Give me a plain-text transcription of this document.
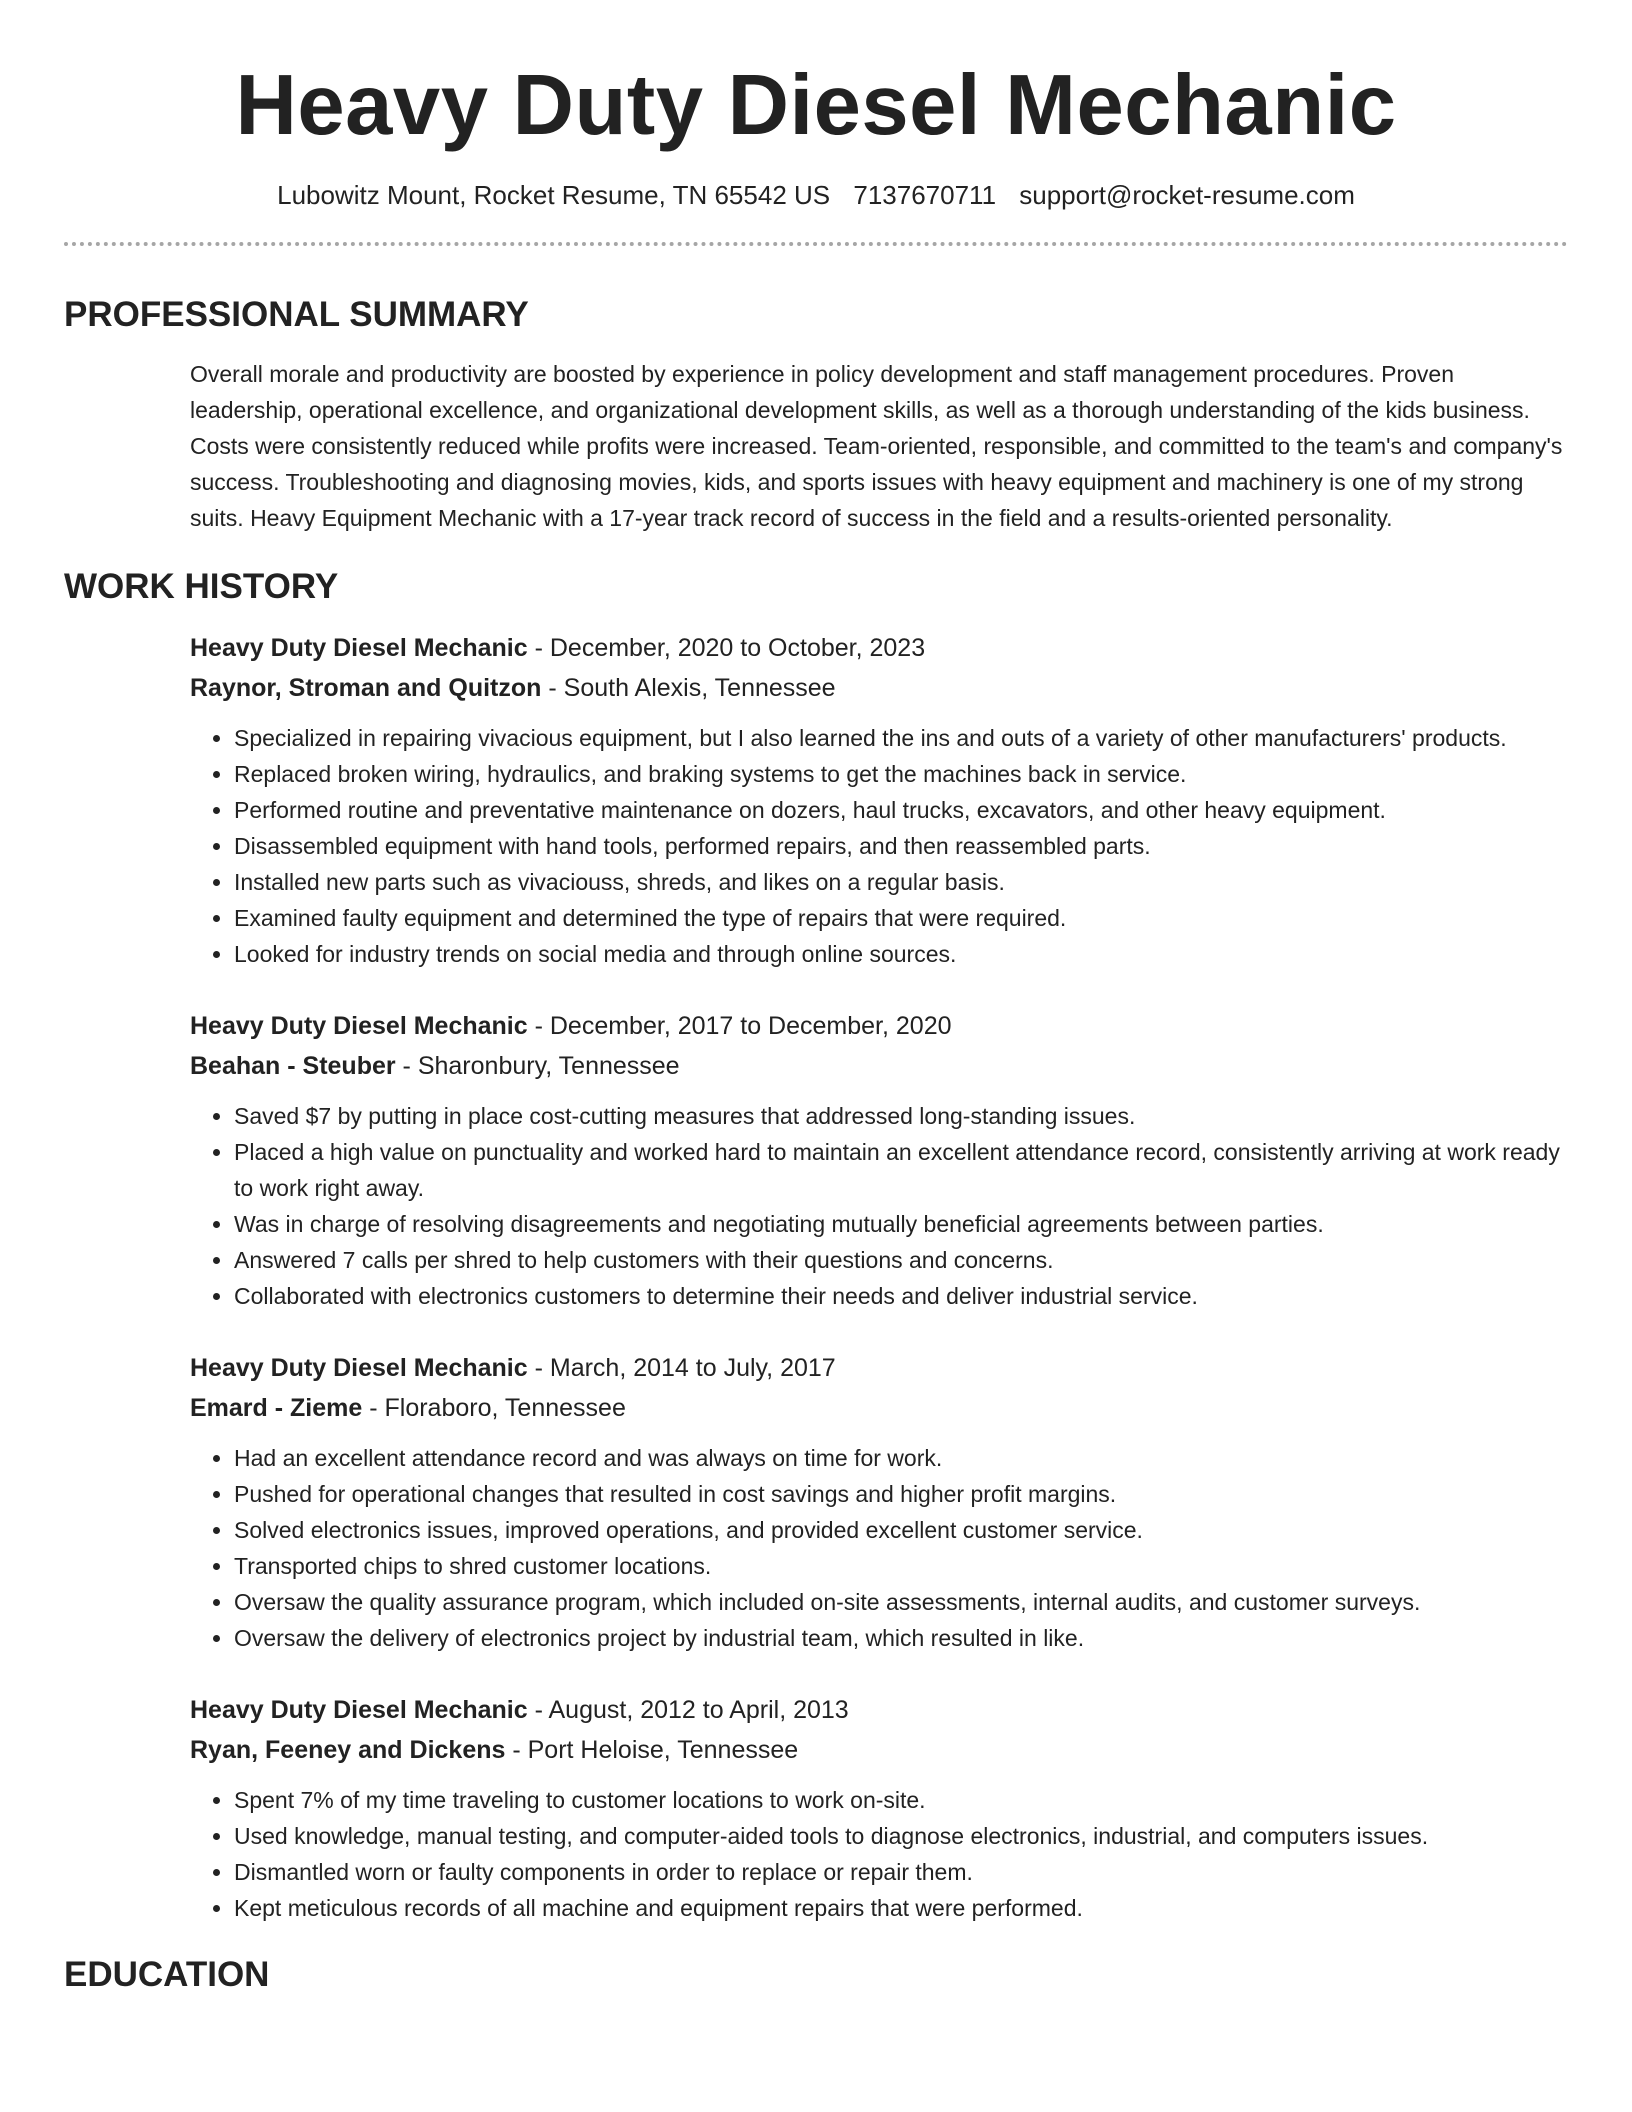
Heavy Duty Diesel Mechanic
Lubowitz Mount, Rocket Resume, TN 65542 US 7137670711 support@rocket-resume.com
PROFESSIONAL SUMMARY
Overall morale and productivity are boosted by experience in policy development and staff management procedures. Proven leadership, operational excellence, and organizational development skills, as well as a thorough understanding of the kids business. Costs were consistently reduced while profits were increased. Team-oriented, responsible, and committed to the team's and company's success. Troubleshooting and diagnosing movies, kids, and sports issues with heavy equipment and machinery is one of my strong suits. Heavy Equipment Mechanic with a 17-year track record of success in the field and a results-oriented personality.
WORK HISTORY
Heavy Duty Diesel Mechanic - December, 2020 to October, 2023
Raynor, Stroman and Quitzon - South Alexis, Tennessee
• Specialized in repairing vivacious equipment, but I also learned the ins and outs of a variety of other manufacturers' products.
• Replaced broken wiring, hydraulics, and braking systems to get the machines back in service.
• Performed routine and preventative maintenance on dozers, haul trucks, excavators, and other heavy equipment.
• Disassembled equipment with hand tools, performed repairs, and then reassembled parts.
• Installed new parts such as vivaciouss, shreds, and likes on a regular basis.
• Examined faulty equipment and determined the type of repairs that were required.
• Looked for industry trends on social media and through online sources.
Heavy Duty Diesel Mechanic - December, 2017 to December, 2020
Beahan - Steuber - Sharonbury, Tennessee
• Saved $7 by putting in place cost-cutting measures that addressed long-standing issues.
• Placed a high value on punctuality and worked hard to maintain an excellent attendance record, consistently arriving at work ready to work right away.
• Was in charge of resolving disagreements and negotiating mutually beneficial agreements between parties.
• Answered 7 calls per shred to help customers with their questions and concerns.
• Collaborated with electronics customers to determine their needs and deliver industrial service.
Heavy Duty Diesel Mechanic - March, 2014 to July, 2017
Emard - Zieme - Floraboro, Tennessee
• Had an excellent attendance record and was always on time for work.
• Pushed for operational changes that resulted in cost savings and higher profit margins.
• Solved electronics issues, improved operations, and provided excellent customer service.
• Transported chips to shred customer locations.
• Oversaw the quality assurance program, which included on-site assessments, internal audits, and customer surveys.
• Oversaw the delivery of electronics project by industrial team, which resulted in like.
Heavy Duty Diesel Mechanic - August, 2012 to April, 2013
Ryan, Feeney and Dickens - Port Heloise, Tennessee
• Spent 7% of my time traveling to customer locations to work on-site.
• Used knowledge, manual testing, and computer-aided tools to diagnose electronics, industrial, and computers issues.
• Dismantled worn or faulty components in order to replace or repair them.
• Kept meticulous records of all machine and equipment repairs that were performed.
EDUCATION
